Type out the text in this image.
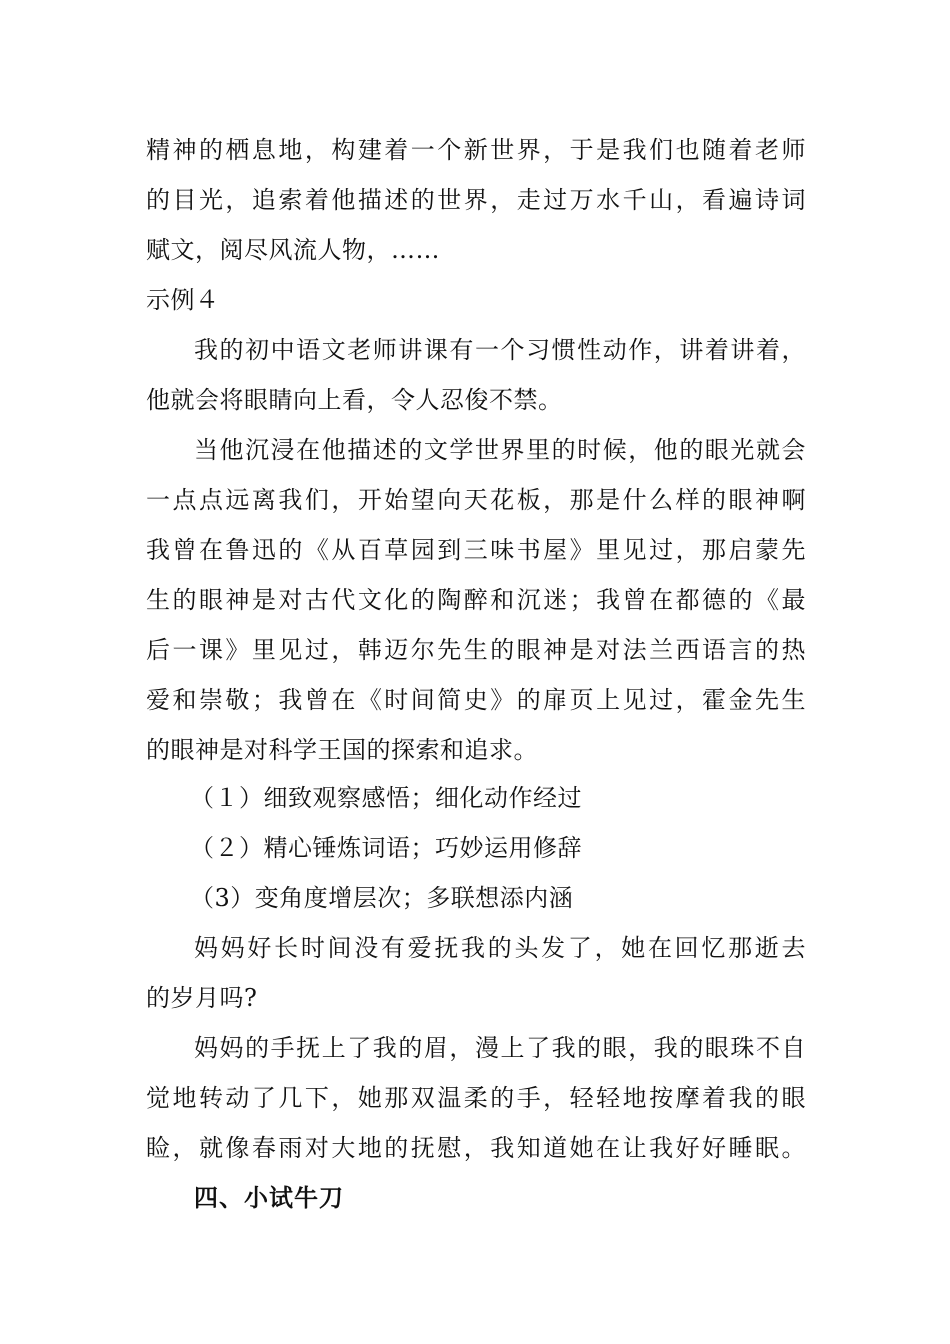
精神的栖息地，构建着一个新世界，于是我们也随着老师
的目光，追索着他描述的世界，走过万水千山，看遍诗词
赋文，阅尽风流人物，……
示例４
我的初中语文老师讲课有一个习惯性动作，讲着讲着，
他就会将眼睛向上看，令人忍俊不禁。
当他沉浸在他描述的文学世界里的时候，他的眼光就会
一点点远离我们，开始望向天花板，那是什么样的眼神啊
我曾在鲁迅的《从百草园到三味书屋》里见过，那启蒙先
生的眼神是对古代文化的陶醉和沉迷；我曾在都德的《最
后一课》里见过，韩迈尔先生的眼神是对法兰西语言的热
爱和崇敬；我曾在《时间简史》的扉页上见过，霍金先生
的眼神是对科学王国的探索和追求。
（１）细致观察感悟；细化动作经过
（２）精心锤炼词语；巧妙运用修辞
（3）变角度增层次；多联想添内涵
妈妈好长时间没有爱抚我的头发了，她在回忆那逝去
的岁月吗?
妈妈的手抚上了我的眉，漫上了我的眼，我的眼珠不自
觉地转动了几下，她那双温柔的手，轻轻地按摩着我的眼
睑，就像春雨对大地的抚慰，我知道她在让我好好睡眠。
四、小试牛刀
